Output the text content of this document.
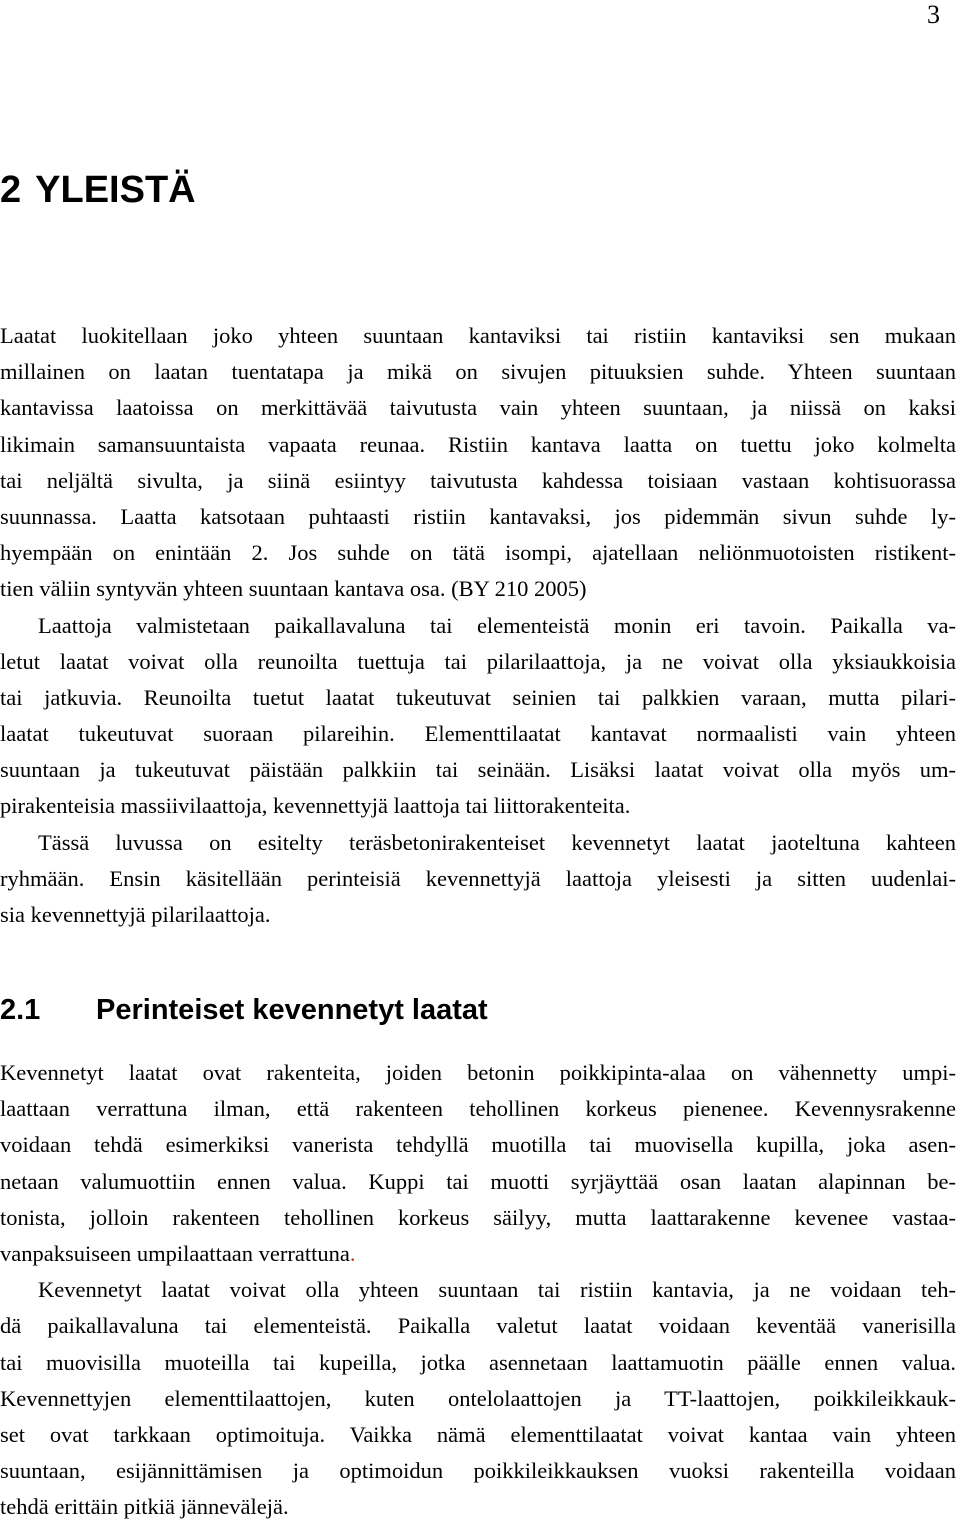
3
2 YLEISTÄ
Laatat luokitellaan joko yhteen suuntaan kantaviksi tai ristiin kantaviksi sen mukaan
millainen on laatan tuentatapa ja mikä on sivujen pituuksien suhde. Yhteen suuntaan
kantavissa laatoissa on merkittävää taivutusta vain yhteen suuntaan, ja niissä on kaksi
likimain samansuuntaista vapaata reunaa. Ristiin kantava laatta on tuettu joko kolmelta
tai neljältä sivulta, ja siinä esiintyy taivutusta kahdessa toisiaan vastaan kohtisuorassa
suunnassa. Laatta katsotaan puhtaasti ristiin kantavaksi, jos pidemmän sivun suhde ly-
hyempään on enintään 2. Jos suhde on tätä isompi, ajatellaan neliönmuotoisten ristikent-
tien väliin syntyvän yhteen suuntaan kantava osa. (BY 210 2005)
Laattoja valmistetaan paikallavaluna tai elementeistä monin eri tavoin. Paikalla va-
letut laatat voivat olla reunoilta tuettuja tai pilarilaattoja, ja ne voivat olla yksiaukkoisia
tai jatkuvia. Reunoilta tuetut laatat tukeutuvat seinien tai palkkien varaan, mutta pilari-
laatat tukeutuvat suoraan pilareihin. Elementtilaatat kantavat normaalisti vain yhteen
suuntaan ja tukeutuvat päistään palkkiin tai seinään. Lisäksi laatat voivat olla myös um-
pirakenteisia massiivilaattoja, kevennettyjä laattoja tai liittorakenteita.
Tässä luvussa on esitelty teräsbetonirakenteiset kevennetyt laatat jaoteltuna kahteen
ryhmään. Ensin käsitellään perinteisiä kevennettyjä laattoja yleisesti ja sitten uudenlai-
sia kevennettyjä pilarilaattoja.
2.1 Perinteiset kevennetyt laatat
Kevennetyt laatat ovat rakenteita, joiden betonin poikkipinta-alaa on vähennetty umpi-
laattaan verrattuna ilman, että rakenteen tehollinen korkeus pienenee. Kevennysrakenne
voidaan tehdä esimerkiksi vanerista tehdyllä muotilla tai muovisella kupilla, joka asen-
netaan valumuottiin ennen valua. Kuppi tai muotti syrjäyttää osan laatan alapinnan be-
tonista, jolloin rakenteen tehollinen korkeus säilyy, mutta laattarakenne kevenee vastaa-
vanpaksuiseen umpilaattaan verrattuna.
Kevennetyt laatat voivat olla yhteen suuntaan tai ristiin kantavia, ja ne voidaan teh-
dä paikallavaluna tai elementeistä. Paikalla valetut laatat voidaan keventää vanerisilla
tai muovisilla muoteilla tai kupeilla, jotka asennetaan laattamuotin päälle ennen valua.
Kevennettyjen elementtilaattojen, kuten ontelolaattojen ja TT-laattojen, poikkileikkauk-
set ovat tarkkaan optimoituja. Vaikka nämä elementtilaatat voivat kantaa vain yhteen
suuntaan, esijännittämisen ja optimoidun poikkileikkauksen vuoksi rakenteilla voidaan
tehdä erittäin pitkiä jännevälejä.
